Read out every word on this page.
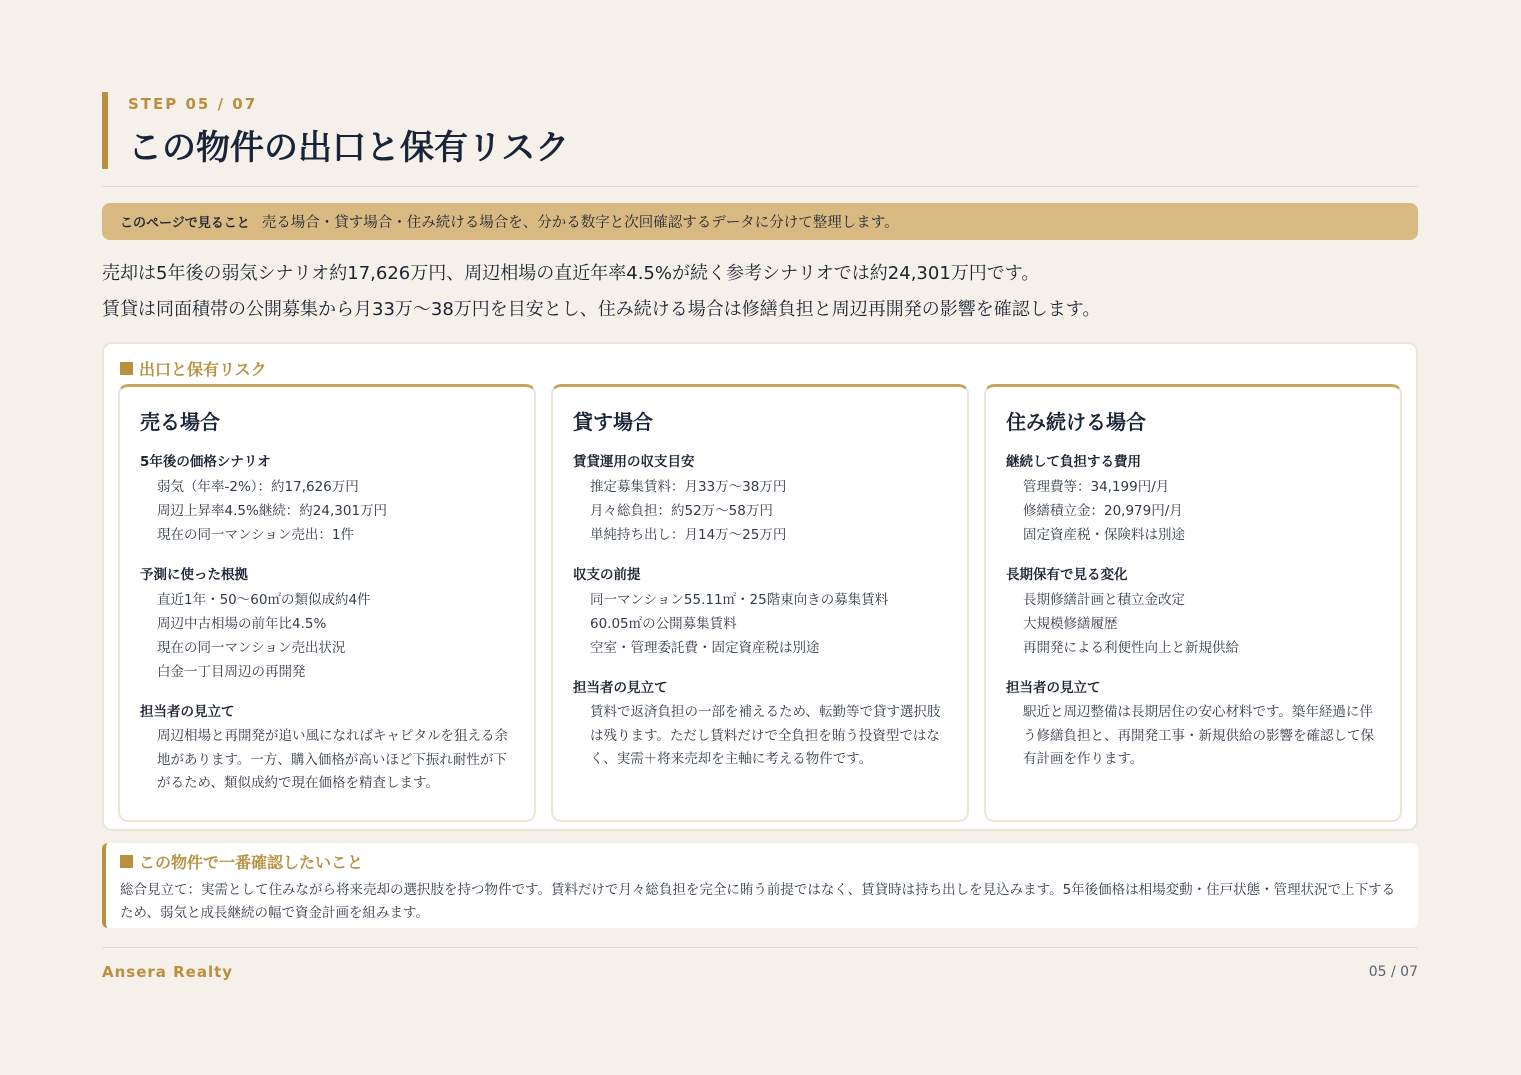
STEP 05 / 07
この物件の出口と保有リスク
このページで見ること 売る場合・貸す場合・住み続ける場合を、分かる数字と次回確認するデータに分けて整理します。

売却は5年後の弱気シナリオ約17,626万円、周辺相場の直近年率4.5%が続く参考シナリオでは約24,301万円です。

賃貸は同面積帯の公開募集から月33万〜38万円を目安とし、住み続ける場合は修繕負担と周辺再開発の影響を確認します。

出口と保有リスク
売る場合
5年後の価格シナリオ
弱気（年率-2%）：約17,626万円
周辺上昇率4.5%継続：約24,301万円
現在の同一マンション売出：1件
予測に使った根拠
直近1年・50〜60㎡の類似成約4件
周辺中古相場の前年比4.5%
現在の同一マンション売出状況
白金一丁目周辺の再開発
担当者の見立て

周辺相場と再開発が追い風になればキャピタルを狙える余地があります。一方、購入価格が高いほど下振れ耐性が下がるため、類似成約で現在価格を精査します。

貸す場合
賃貸運用の収支目安
推定募集賃料：月33万〜38万円
月々総負担：約52万〜58万円
単純持ち出し：月14万〜25万円
収支の前提
同一マンション55.11㎡・25階東向きの募集賃料
60.05㎡の公開募集賃料
空室・管理委託費・固定資産税は別途
担当者の見立て

賃料で返済負担の一部を補えるため、転勤等で貸す選択肢は残ります。ただし賃料だけで全負担を賄う投資型ではなく、実需＋将来売却を主軸に考える物件です。

住み続ける場合
継続して負担する費用
管理費等：34,199円/月
修繕積立金：20,979円/月
固定資産税・保険料は別途
長期保有で見る変化
長期修繕計画と積立金改定
大規模修繕履歴
再開発による利便性向上と新規供給
担当者の見立て

駅近と周辺整備は長期居住の安心材料です。築年経過に伴う修繕負担と、再開発工事・新規供給の影響を確認して保有計画を作ります。

この物件で一番確認したいこと

総合見立て：実需として住みながら将来売却の選択肢を持つ物件です。賃料だけで月々総負担を完全に賄う前提ではなく、賃貸時は持ち出しを見込みます。5年後価格は相場変動・住戸状態・管理状況で上下するため、弱気と成長継続の幅で資金計画を組みます。

Ansera Realty	05 / 07
